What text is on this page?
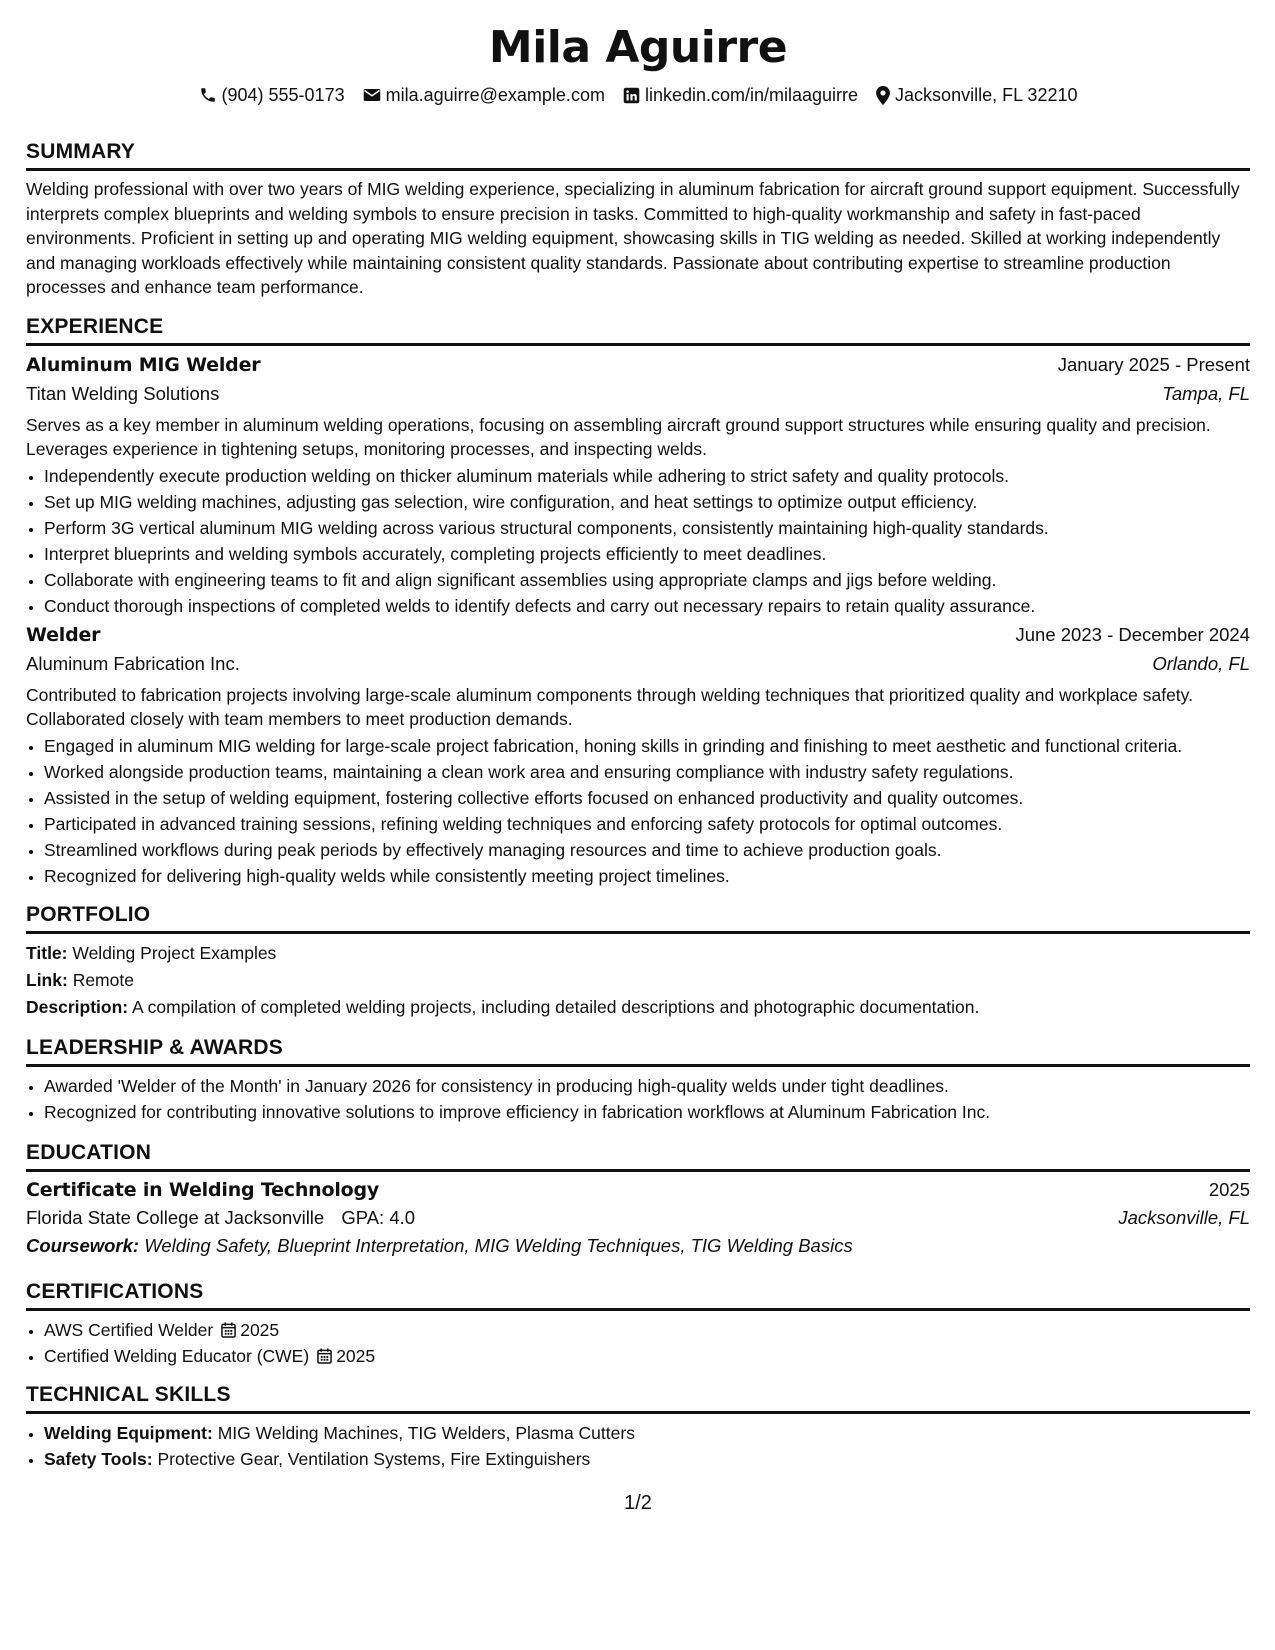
Mila Aguirre
(904) 555-0173 mila.aguirre@example.com linkedin.com/in/milaaguirre Jacksonville, FL 32210
SUMMARY
Welding professional with over two years of MIG welding experience, specializing in aluminum fabrication for aircraft ground support equipment. Successfully interprets complex blueprints and welding symbols to ensure precision in tasks. Committed to high-quality workmanship and safety in fast-paced environments. Proficient in setting up and operating MIG welding equipment, showcasing skills in TIG welding as needed. Skilled at working independently and managing workloads effectively while maintaining consistent quality standards. Passionate about contributing expertise to streamline production processes and enhance team performance.
EXPERIENCE
Aluminum MIG Welder	January 2025 - Present
Titan Welding Solutions	Tampa, FL
Serves as a key member in aluminum welding operations, focusing on assembling aircraft ground support structures while ensuring quality and precision. Leverages experience in tightening setups, monitoring processes, and inspecting welds.
• Independently execute production welding on thicker aluminum materials while adhering to strict safety and quality protocols.
• Set up MIG welding machines, adjusting gas selection, wire configuration, and heat settings to optimize output efficiency.
• Perform 3G vertical aluminum MIG welding across various structural components, consistently maintaining high-quality standards.
• Interpret blueprints and welding symbols accurately, completing projects efficiently to meet deadlines.
• Collaborate with engineering teams to fit and align significant assemblies using appropriate clamps and jigs before welding.
• Conduct thorough inspections of completed welds to identify defects and carry out necessary repairs to retain quality assurance.
Welder	June 2023 - December 2024
Aluminum Fabrication Inc.	Orlando, FL
Contributed to fabrication projects involving large-scale aluminum components through welding techniques that prioritized quality and workplace safety. Collaborated closely with team members to meet production demands.
• Engaged in aluminum MIG welding for large-scale project fabrication, honing skills in grinding and finishing to meet aesthetic and functional criteria.
• Worked alongside production teams, maintaining a clean work area and ensuring compliance with industry safety regulations.
• Assisted in the setup of welding equipment, fostering collective efforts focused on enhanced productivity and quality outcomes.
• Participated in advanced training sessions, refining welding techniques and enforcing safety protocols for optimal outcomes.
• Streamlined workflows during peak periods by effectively managing resources and time to achieve production goals.
• Recognized for delivering high-quality welds while consistently meeting project timelines.
PORTFOLIO
Title: Welding Project Examples
Link: Remote
Description: A compilation of completed welding projects, including detailed descriptions and photographic documentation.
LEADERSHIP & AWARDS
• Awarded 'Welder of the Month' in January 2026 for consistency in producing high-quality welds under tight deadlines.
• Recognized for contributing innovative solutions to improve efficiency in fabrication workflows at Aluminum Fabrication Inc.
EDUCATION
Certificate in Welding Technology	2025
Florida State College at Jacksonville GPA: 4.0	Jacksonville, FL
Coursework: Welding Safety, Blueprint Interpretation, MIG Welding Techniques, TIG Welding Basics
CERTIFICATIONS
• AWS Certified Welder 2025
• Certified Welding Educator (CWE) 2025
TECHNICAL SKILLS
• Welding Equipment: MIG Welding Machines, TIG Welders, Plasma Cutters
• Safety Tools: Protective Gear, Ventilation Systems, Fire Extinguishers
1/2
